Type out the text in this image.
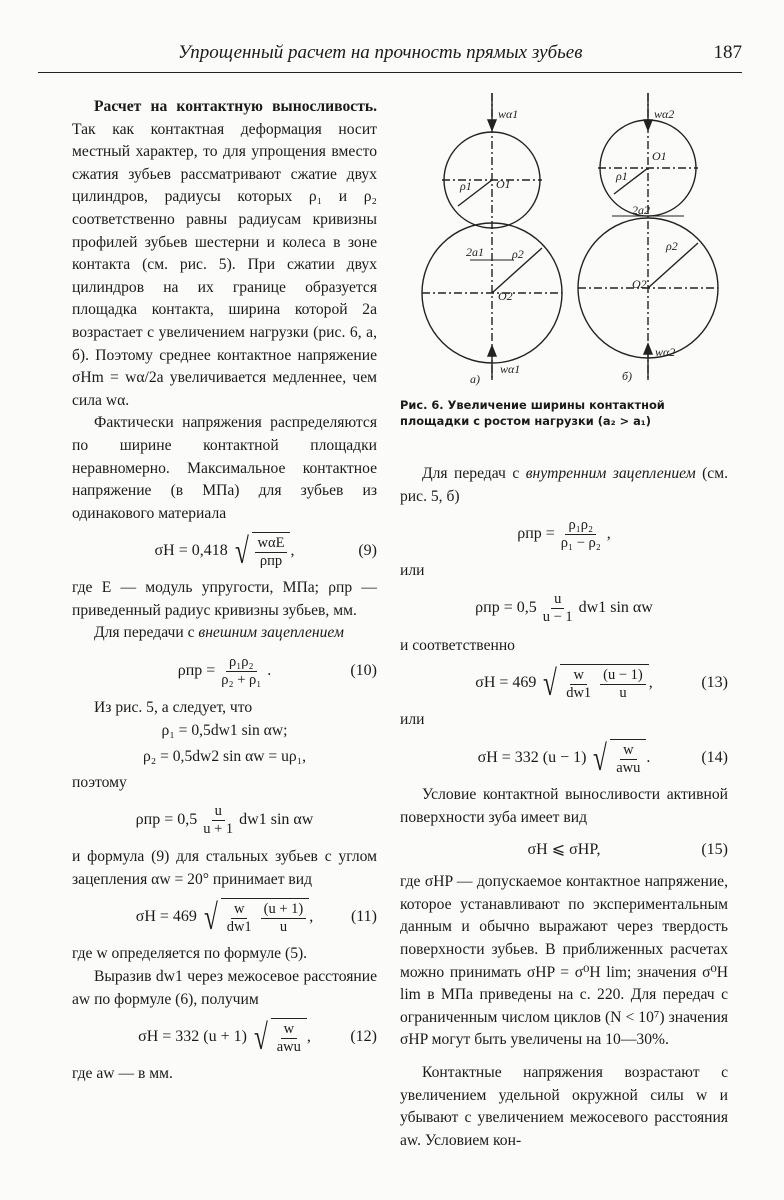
Упрощенный расчет на прочность прямых зубьев	187

Расчет на контактную выносливость. Так как контактная деформация носит местный характер, то для упрощения вместо сжатия зубьев рассматривают сжатие двух цилиндров, радиусы которых ρ₁ и ρ₂ соответственно равны радиусам кривизны профилей зубьев шестерни и колеса в зоне контакта (см. рис. 5). При сжатии двух цилиндров на их границе образуется площадка контакта, ширина которой 2a возрастает с увеличением нагрузки (рис. 6, а, б). Поэтому среднее контактное напряжение σHm = wα/2a увеличивается медленнее, чем сила wα.

Фактически напряжения распределяются по ширине контактной площадки неравномерно. Максимальное контактное напряжение (в МПа) для зубьев из одинакового материала

σH = 0,418 √ $\frac{\text{wαE}}{\text{ρпр}}$ ,	(9)

где E — модуль упругости, МПа; ρпр — приведенный радиус кривизны зубьев, мм.

Для передачи с внешним зацеплением

$\rho пр = \frac{\text{ρ₁ρ₂}}{\text{ρ₂ + ρ₁}}$ .	(10)

Из рис. 5, а следует, что

ρ₁ = 0,5dw1 sin αw;
ρ₂ = 0,5dw2 sin αw = uρ₁,

поэтому

$\rho пр = 0,5 \frac{u}{u + 1} dw1$ sin αw

и формула (9) для стальных зубьев с углом зацепления αw = 20° принимает вид

σH = 469 √ $\frac{w}{dw1} \frac{(u + 1)}{u}$ , (11)

где w определяется по формуле (5).

Выразив dw1 через межосевое расстояние aw по формуле (6), получим

σH = 332 (u + 1) √ $\frac{w}{\text{awu}}$ , (12)

где aw — в мм.

wα1
O1
ρ1
2a1 ρ2
O2
wα1
а)
wα2
O1
ρ1
2a2
ρ2
O2
wα2
б)
Рис. 6. Увеличение ширины контактной площадки с ростом нагрузки (a₂ > a₁)

Для передач с внутренним зацеплением (см. рис. 5, б)

$\rho пр = \frac{\text{ρ₁ρ₂}}{\text{ρ₁ − ρ₂}}$ ,

или

$\rho пр = 0,5 \frac{u}{u - 1} dw1$ sin αw

и соответственно

σH = 469 √ $\frac{w}{dw1} \frac{(u - 1)}{u}$ ,	(13)

или

σH = 332 (u − 1) √ $\frac{w}{\text{awu}}$ .	(14)

Условие контактной выносливости активной поверхности зуба имеет вид

σH ⩽ σHP,	(15)

где σHP — допускаемое контактное напряжение, которое устанавливают по экспериментальным данным и обычно выражают через твердость поверхности зубьев. В приближенных расчетах можно принимать σHP = σ⁰H lim; значения σ⁰H lim в МПа приведены на с. 220. Для передач с ограниченным числом циклов (N < 10⁷) значения σHP могут быть увеличены на 10—30%.

Контактные напряжения возрастают с увеличением удельной окружной силы w и убывают с увеличением межосевого расстояния aw. Условием кон-
